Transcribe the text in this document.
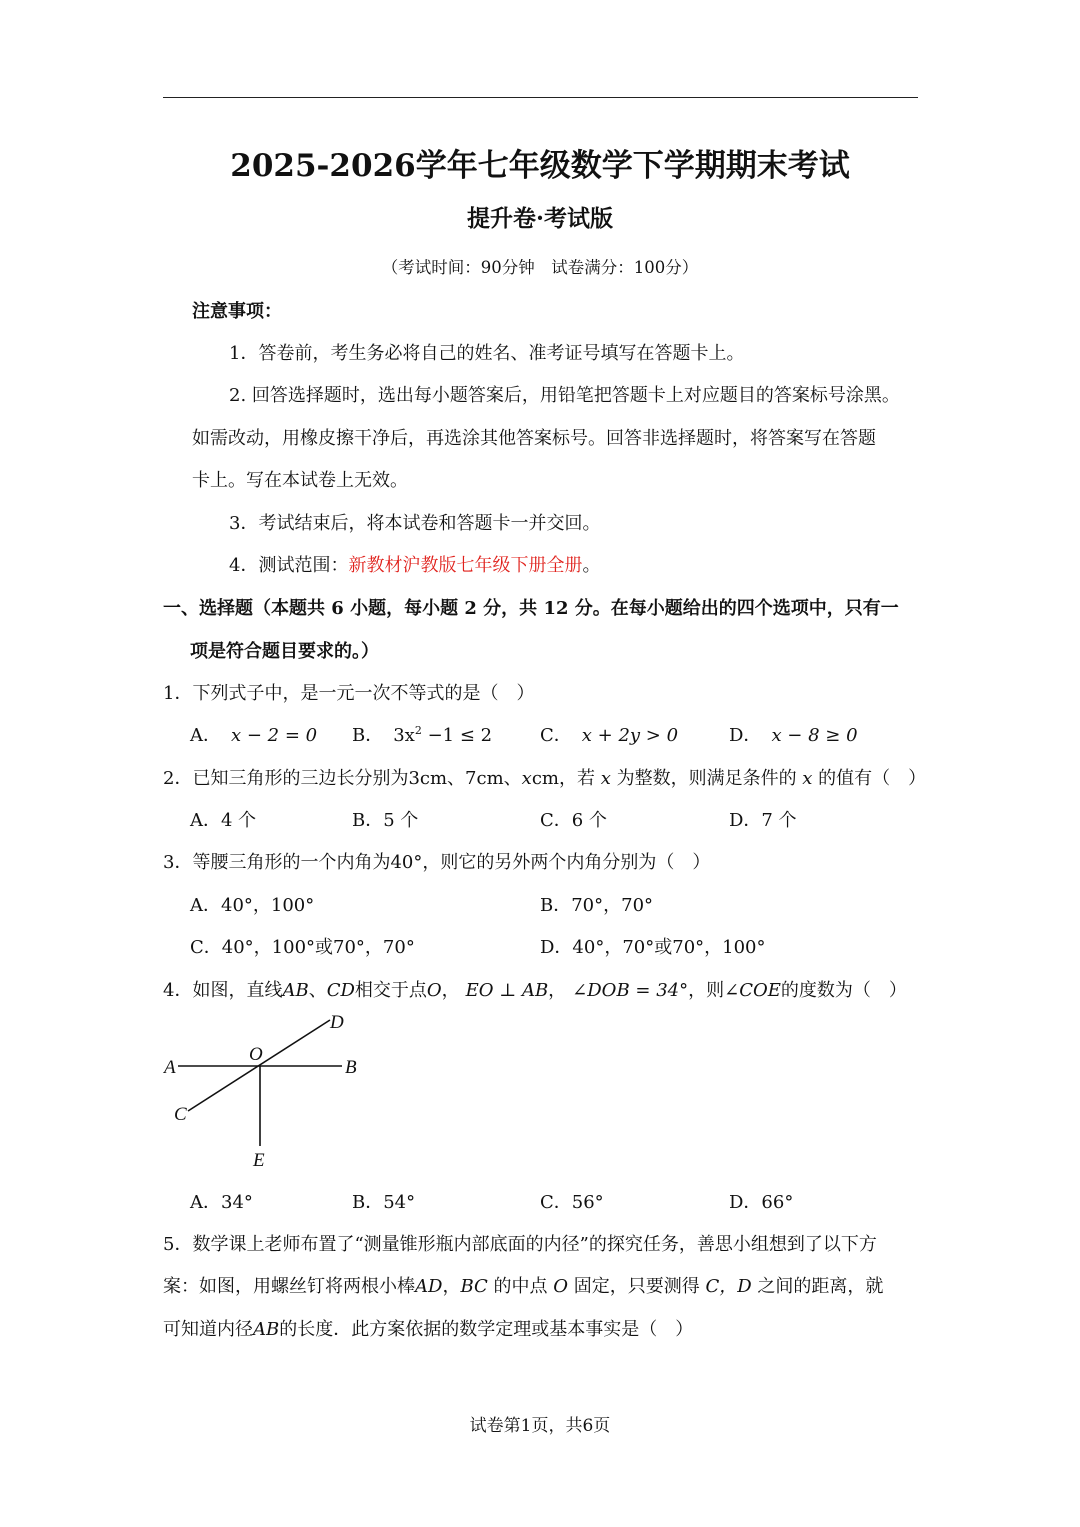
2025-2026学年七年级数学下学期期末考试
提升卷·考试版
（考试时间：90分钟　试卷满分：100分）
注意事项：
1．答卷前，考生务必将自己的姓名、准考证号填写在答题卡上。
2. 回答选择题时，选出每小题答案后，用铅笔把答题卡上对应题目的答案标号涂黑。
如需改动，用橡皮擦干净后，再选涂其他答案标号。回答非选择题时，将答案写在答题
卡上。写在本试卷上无效。
3．考试结束后，将本试卷和答题卡一并交回。
4．测试范围：新教材沪教版七年级下册全册。
一、选择题（本题共 6 小题，每小题 2 分，共 12 分。在每小题给出的四个选项中，只有一
项是符合题目要求的。）
1．下列式子中，是一元一次不等式的是（　）
A． x − 2 = 0 B． $3x^2 -1 \le 2$	C． x + 2y > 0	D． x − 8 ≥ 0
2．已知三角形的三边长分别为3cm、7cm、xcm，若 x 为整数，则满足条件的 x 的值有（　）
A．4 个	B．5 个	C．6 个	D．7 个
3．等腰三角形的一个内角为40°，则它的另外两个内角分别为（　）
A．40°，100°	B．70°，70°
C．40°，100°或70°，70°	D．40°，70°或70°，100°
4．如图，直线AB、CD相交于点O， EO ⊥ AB， ∠DOB = 34°，则∠COE的度数为（　）
A	B
C
D
O
E
A．34°	B．54°	C．56°	D．66°
5．数学课上老师布置了“测量锥形瓶内部底面的内径”的探究任务，善思小组想到了以下方
案：如图，用螺丝钉将两根小棒AD，BC 的中点 O 固定，只要测得 C，D 之间的距离，就
可知道内径AB的长度．此方案依据的数学定理或基本事实是（　）
试卷第1页，共6页
